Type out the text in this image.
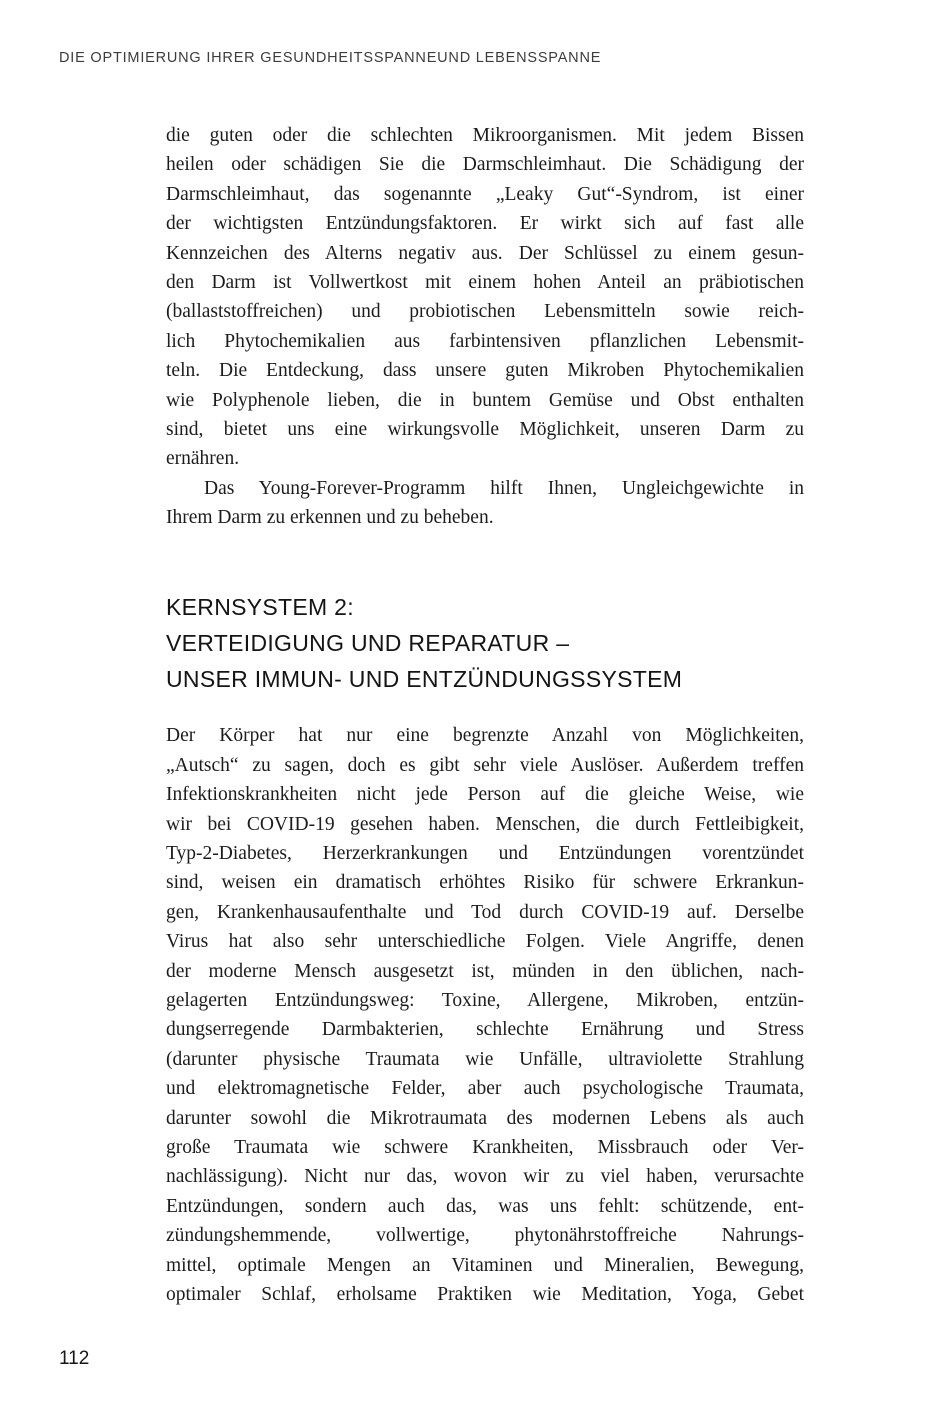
DIE OPTIMIERUNG IHRER GESUNDHEITSSPANNEUND LEBENSSPANNE
die guten oder die schlechten Mikroorganismen. Mit jedem Bissen
heilen oder schädigen Sie die Darmschleimhaut. Die Schädigung der
Darmschleimhaut, das sogenannte „Leaky Gut“-Syndrom, ist einer
der wichtigsten Entzündungsfaktoren. Er wirkt sich auf fast alle
Kennzeichen des Alterns negativ aus. Der Schlüssel zu einem gesun-
den Darm ist Vollwertkost mit einem hohen Anteil an präbiotischen
(ballaststoffreichen) und probiotischen Lebensmitteln sowie reich-
lich Phytochemikalien aus farbintensiven pflanzlichen Lebensmit-
teln. Die Entdeckung, dass unsere guten Mikroben Phytochemikalien
wie Polyphenole lieben, die in buntem Gemüse und Obst enthalten
sind, bietet uns eine wirkungsvolle Möglichkeit, unseren Darm zu
ernähren.
Das Young-Forever-Programm hilft Ihnen, Ungleichgewichte in
Ihrem Darm zu erkennen und zu beheben.
KERNSYSTEM 2:
VERTEIDIGUNG UND REPARATUR –
UNSER IMMUN- UND ENTZÜNDUNGSSYSTEM
Der Körper hat nur eine begrenzte Anzahl von Möglichkeiten,
„Autsch“ zu sagen, doch es gibt sehr viele Auslöser. Außerdem treffen
Infektionskrankheiten nicht jede Person auf die gleiche Weise, wie
wir bei COVID-19 gesehen haben. Menschen, die durch Fettleibigkeit,
Typ-2-Diabetes, Herzerkrankungen und Entzündungen vorentzündet
sind, weisen ein dramatisch erhöhtes Risiko für schwere Erkrankun-
gen, Krankenhausaufenthalte und Tod durch COVID-19 auf. Derselbe
Virus hat also sehr unterschiedliche Folgen. Viele Angriffe, denen
der moderne Mensch ausgesetzt ist, münden in den üblichen, nach-
gelagerten Entzündungsweg: Toxine, Allergene, Mikroben, entzün-
dungserregende Darmbakterien, schlechte Ernährung und Stress
(darunter physische Traumata wie Unfälle, ultraviolette Strahlung
und elektromagnetische Felder, aber auch psychologische Traumata,
darunter sowohl die Mikrotraumata des modernen Lebens als auch
große Traumata wie schwere Krankheiten, Missbrauch oder Ver-
nachlässigung). Nicht nur das, wovon wir zu viel haben, verursachte
Entzündungen, sondern auch das, was uns fehlt: schützende, ent-
zündungshemmende, vollwertige, phytonährstoffreiche Nahrungs-
mittel, optimale Mengen an Vitaminen und Mineralien, Bewegung,
optimaler Schlaf, erholsame Praktiken wie Meditation, Yoga, Gebet
112
